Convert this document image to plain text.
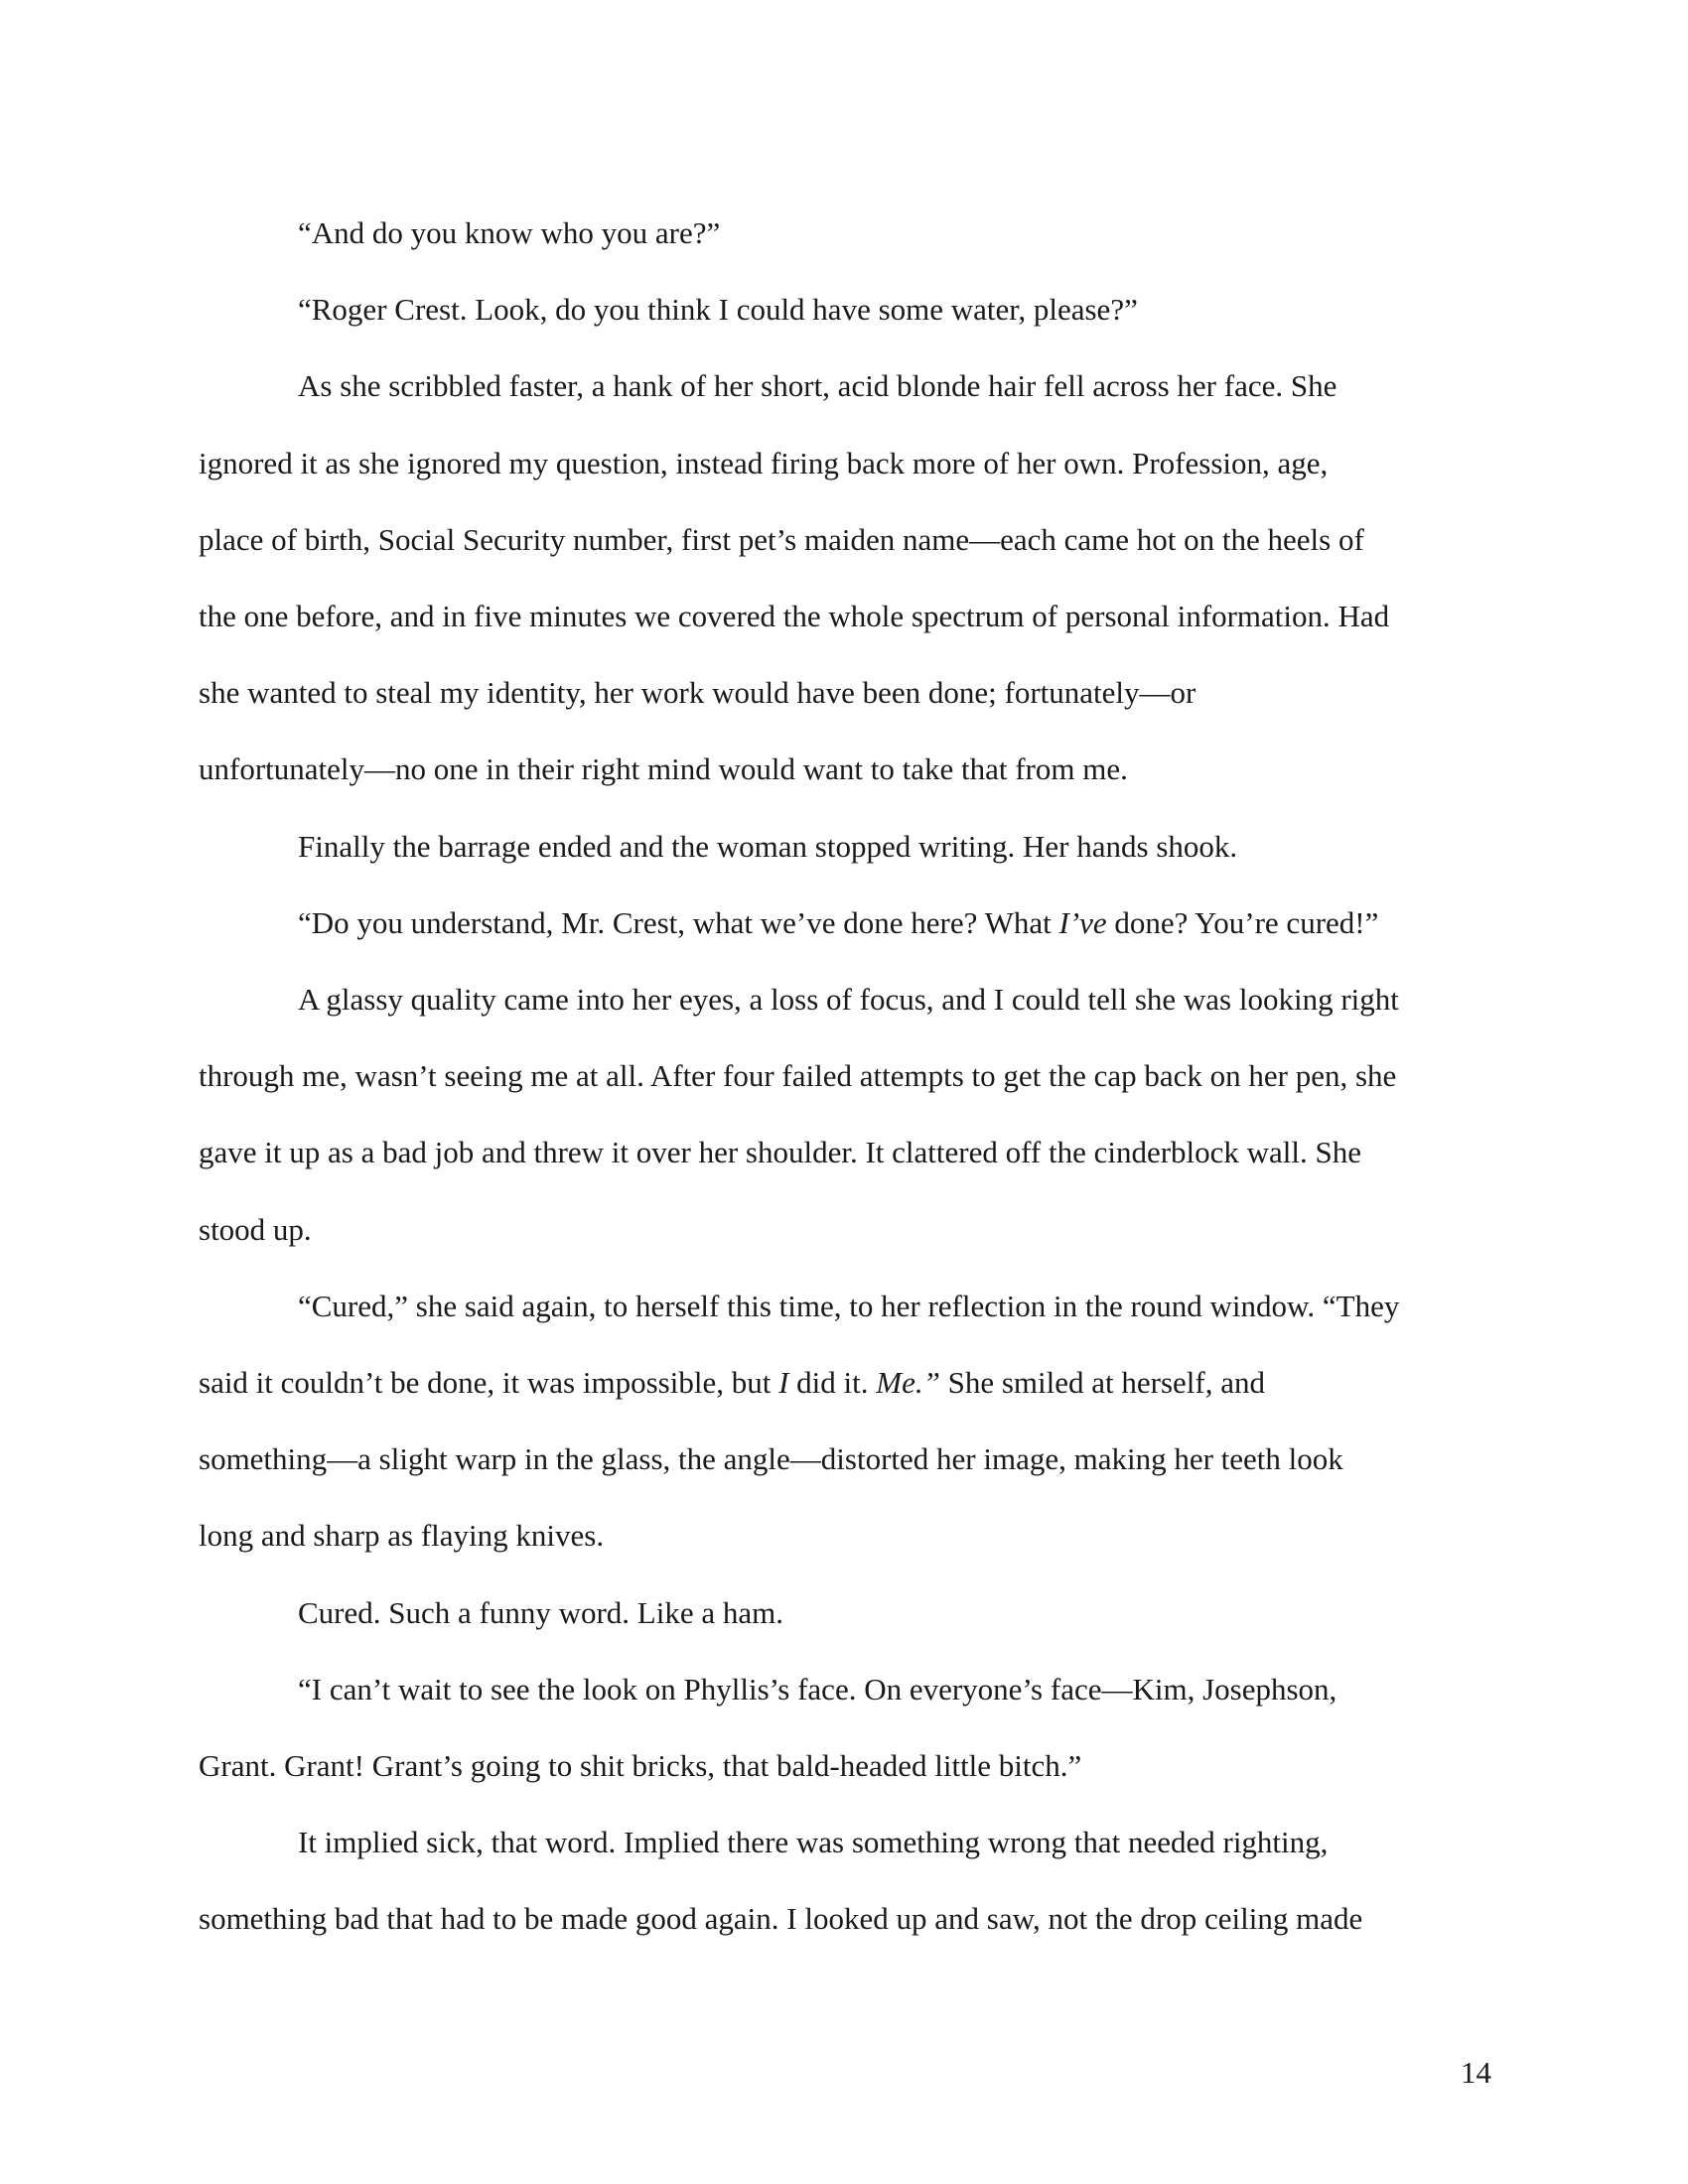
“And do you know who you are?”

“Roger Crest. Look, do you think I could have some water, please?”

As she scribbled faster, a hank of her short, acid blonde hair fell across her face. She
ignored it as she ignored my question, instead firing back more of her own. Profession, age,
place of birth, Social Security number, first pet’s maiden name—each came hot on the heels of
the one before, and in five minutes we covered the whole spectrum of personal information. Had
she wanted to steal my identity, her work would have been done; fortunately—or
unfortunately—no one in their right mind would want to take that from me.

Finally the barrage ended and the woman stopped writing. Her hands shook.

“Do you understand, Mr. Crest, what we’ve done here? What I’ve done? You’re cured!”

A glassy quality came into her eyes, a loss of focus, and I could tell she was looking right
through me, wasn’t seeing me at all. After four failed attempts to get the cap back on her pen, she
gave it up as a bad job and threw it over her shoulder. It clattered off the cinderblock wall. She
stood up.

“Cured,” she said again, to herself this time, to her reflection in the round window. “They
said it couldn’t be done, it was impossible, but I did it. Me.” She smiled at herself, and
something—a slight warp in the glass, the angle—distorted her image, making her teeth look
long and sharp as flaying knives.

Cured. Such a funny word. Like a ham.

“I can’t wait to see the look on Phyllis’s face. On everyone’s face—Kim, Josephson,
Grant. Grant! Grant’s going to shit bricks, that bald-headed little bitch.”

It implied sick, that word. Implied there was something wrong that needed righting,
something bad that had to be made good again. I looked up and saw, not the drop ceiling made

14
